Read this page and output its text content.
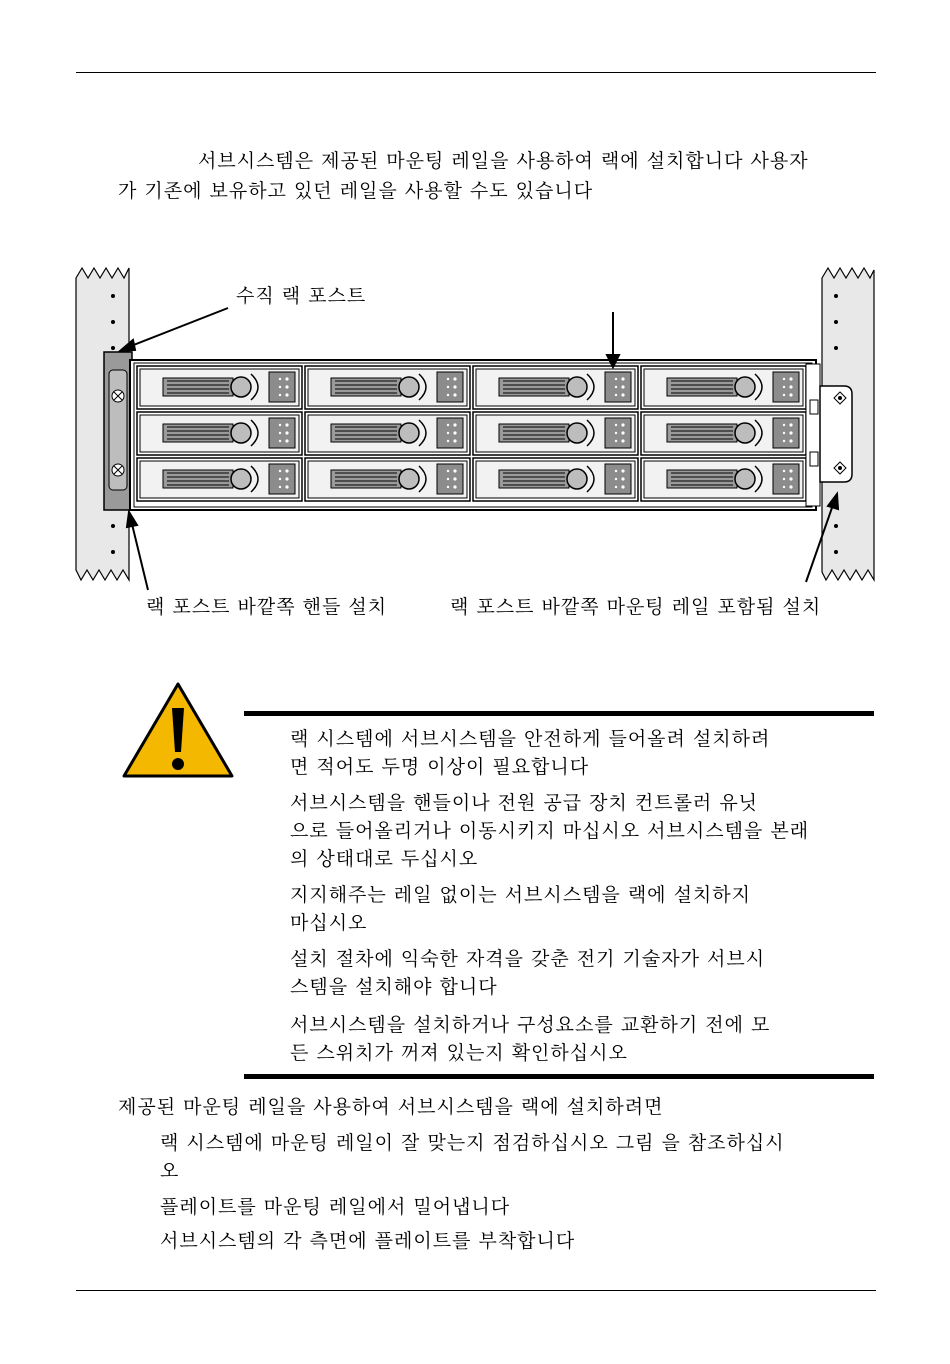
서브시스템은 제공된 마운팅 레일을 사용하여 랙에 설치합니다 사용자
가 기존에 보유하고 있던 레일을 사용할 수도 있습니다
수직 랙 포스트
랙 포스트 바깥쪽 핸들 설치	랙 포스트 바깥쪽 마운팅 레일 포함됨 설치
랙 시스템에 서브시스템을 안전하게 들어올려 설치하려
면 적어도 두명 이상이 필요합니다
서브시스템을 핸들이나 전원 공급 장치 컨트롤러 유닛
으로 들어올리거나 이동시키지 마십시오 서브시스템을 본래
의 상태대로 두십시오
지지해주는 레일 없이는 서브시스템을 랙에 설치하지
마십시오
설치 절차에 익숙한 자격을 갖춘 전기 기술자가 서브시
스템을 설치해야 합니다
서브시스템을 설치하거나 구성요소를 교환하기 전에 모
든 스위치가 꺼져 있는지 확인하십시오
제공된 마운팅 레일을 사용하여 서브시스템을 랙에 설치하려면
랙 시스템에 마운팅 레일이 잘 맞는지 점검하십시오 그림 을 참조하십시
오
플레이트를 마운팅 레일에서 밀어냅니다
서브시스템의 각 측면에 플레이트를 부착합니다
